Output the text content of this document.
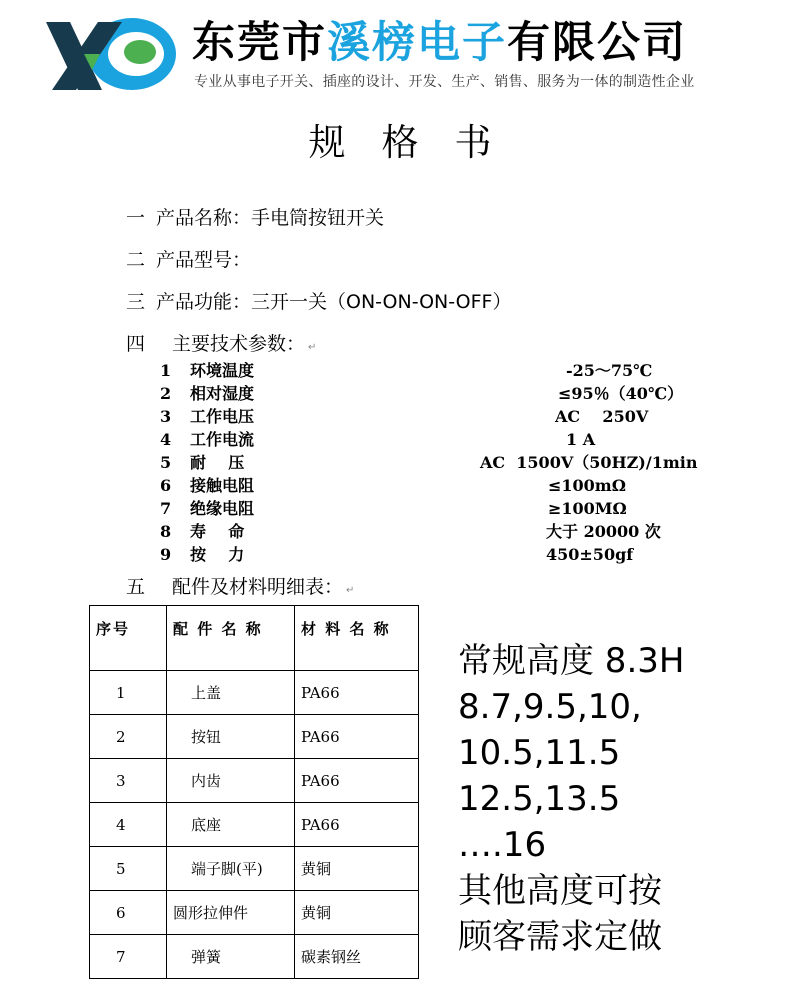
东莞市溪榜电子有限公司
专业从事电子开关、插座的设计、开发、生产、销售、服务为一体的制造性企业
规格书
一 产品名称：手电筒按钮开关
二 产品型号：
三 产品功能：三开一关（ON-ON-ON-OFF）
四 主要技术参数： ↵
1 环境温度	-25～75℃
2 相对湿度	≤95％（40℃）
3 工作电压	AC    250V
4 工作电流	1 A
5 耐    压	AC  1500V（50HZ)/1min
6 接触电阻	≤100mΩ
7 绝缘电阻	≥100MΩ
8 寿    命	大于 20000 次
9 按    力	450±50gf
五 配件及材料明细表： ↵
序号	配 件 名 称	材 料 名 称
1	上盖	PA66
2	按钮	PA66
3	内齿	PA66
4	底座	PA66
5	端子脚(平)	黄铜
6	圆形拉伸件	黄铜
7	弹簧	碳素钢丝
常规高度 8.3H
8.7,9.5,10,
10.5,11.5
12.5,13.5
….16
其他高度可按
顾客需求定做
